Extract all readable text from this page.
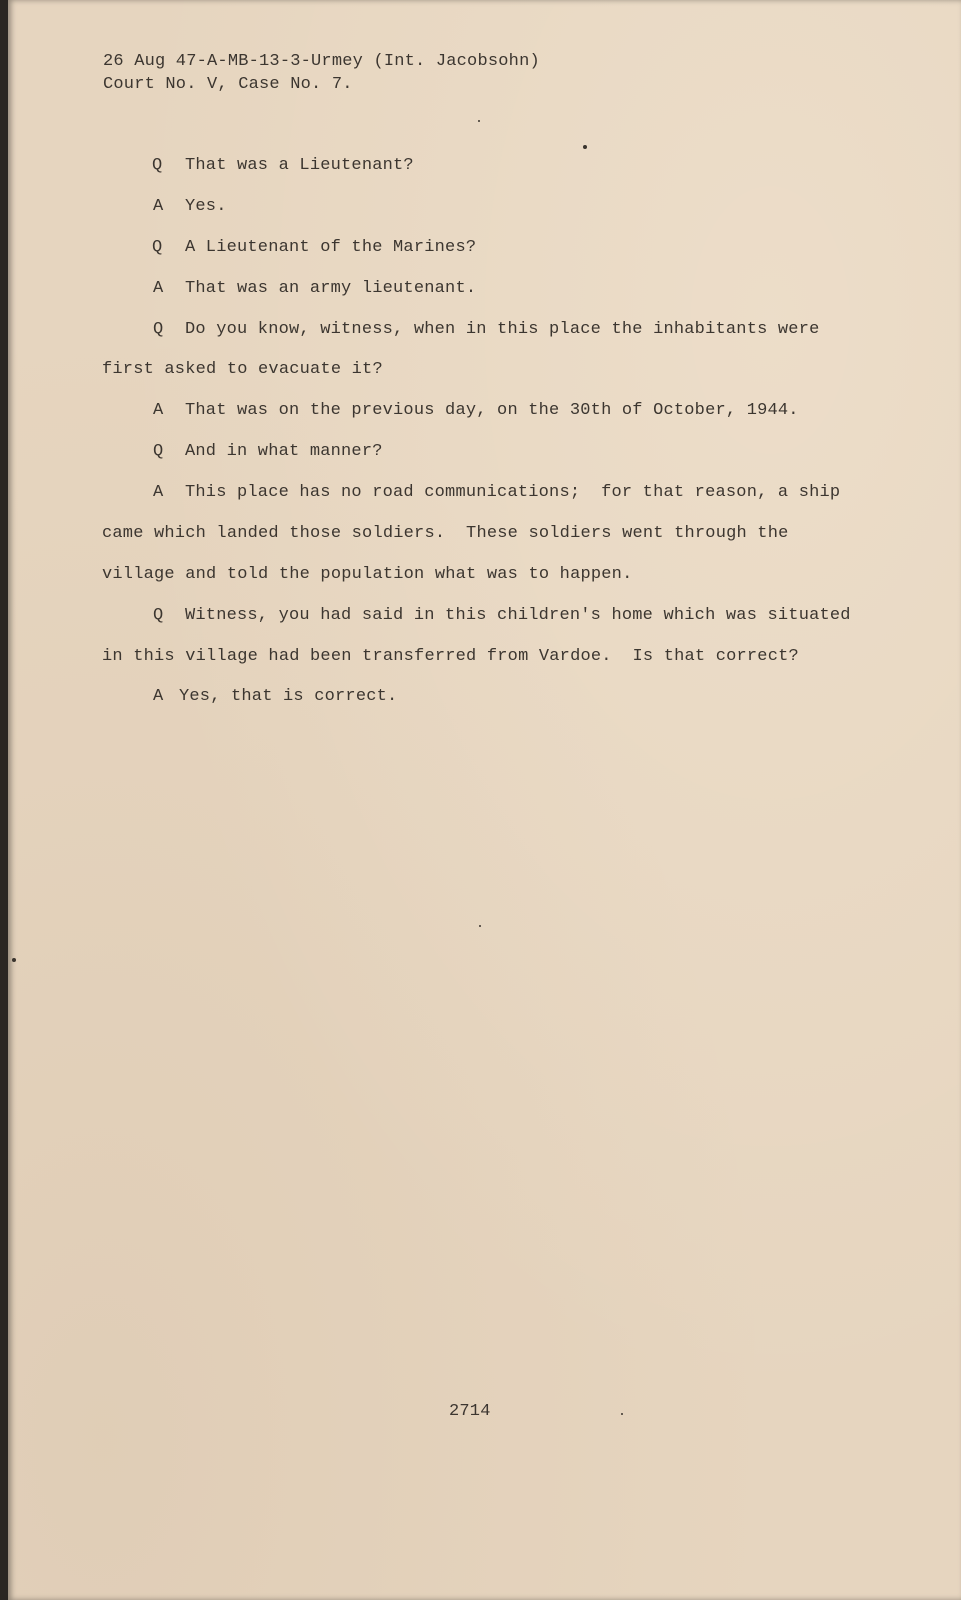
26 Aug 47-A-MB-13-3-Urmey (Int. Jacobsohn)
Court No. V, Case No. 7.
Q That was a Lieutenant?
A Yes.
Q A Lieutenant of the Marines?
A That was an army lieutenant.
Q Do you know, witness, when in this place the inhabitants were
first asked to evacuate it?
A That was on the previous day, on the 30th of October, 1944.
Q And in what manner?
A This place has no road communications;  for that reason, a ship
came which landed those soldiers.  These soldiers went through the
village and told the population what was to happen.
Q Witness, you had said in this children's home which was situated
in this village had been transferred from Vardoe.  Is that correct?
A Yes, that is correct.
2714
